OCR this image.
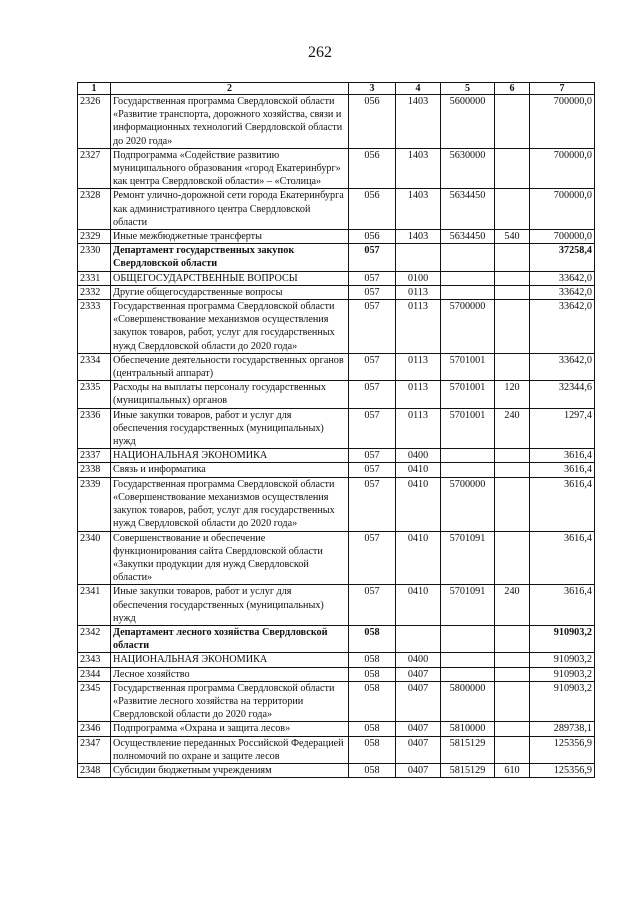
262
1	2	3	4	5	6	7
2326	Государственная программа Свердловской области «Развитие транспорта, дорожного хозяйства, связи и информационных технологий Свердловской области до 2020 года»	056	1403	5600000		700000,0
2327	Подпрограмма «Содействие развитию муниципального образования «город Екатеринбург» как центра Свердловской области» – «Столица»	056	1403	5630000		700000,0
2328	Ремонт улично-дорожной сети города Екатеринбурга как административного центра Свердловской области	056	1403	5634450		700000,0
2329	Иные межбюджетные трансферты	056	1403	5634450	540	700000,0
2330	Департамент государственных закупок Свердловской области	057				37258,4
2331	ОБЩЕГОСУДАРСТВЕННЫЕ ВОПРОСЫ	057	0100			33642,0
2332	Другие общегосударственные вопросы	057	0113			33642,0
2333	Государственная программа Свердловской области «Совершенствование механизмов осуществления закупок товаров, работ, услуг для государственных нужд Свердловской области до 2020 года»	057	0113	5700000		33642,0
2334	Обеспечение деятельности государственных органов (центральный аппарат)	057	0113	5701001		33642,0
2335	Расходы на выплаты персоналу государственных (муниципальных) органов	057	0113	5701001	120	32344,6
2336	Иные закупки товаров, работ и услуг для обеспечения государственных (муниципальных) нужд	057	0113	5701001	240	1297,4
2337	НАЦИОНАЛЬНАЯ ЭКОНОМИКА	057	0400			3616,4
2338	Связь и информатика	057	0410			3616,4
2339	Государственная программа Свердловской области «Совершенствование механизмов осуществления закупок товаров, работ, услуг для государственных нужд Свердловской области до 2020 года»	057	0410	5700000		3616,4
2340	Совершенствование и обеспечение функционирования сайта Свердловской области «Закупки продукции для нужд Свердловской области»	057	0410	5701091		3616,4
2341	Иные закупки товаров, работ и услуг для обеспечения государственных (муниципальных) нужд	057	0410	5701091	240	3616,4
2342	Департамент лесного хозяйства Свердловской области	058				910903,2
2343	НАЦИОНАЛЬНАЯ ЭКОНОМИКА	058	0400			910903,2
2344	Лесное хозяйство	058	0407			910903,2
2345	Государственная программа Свердловской области «Развитие лесного хозяйства на территории Свердловской области до 2020 года»	058	0407	5800000		910903,2
2346	Подпрограмма «Охрана и защита лесов»	058	0407	5810000		289738,1
2347	Осуществление переданных Российской Федерацией полномочий по охране и защите лесов	058	0407	5815129		125356,9
2348	Субсидии бюджетным учреждениям	058	0407	5815129	610	125356,9
